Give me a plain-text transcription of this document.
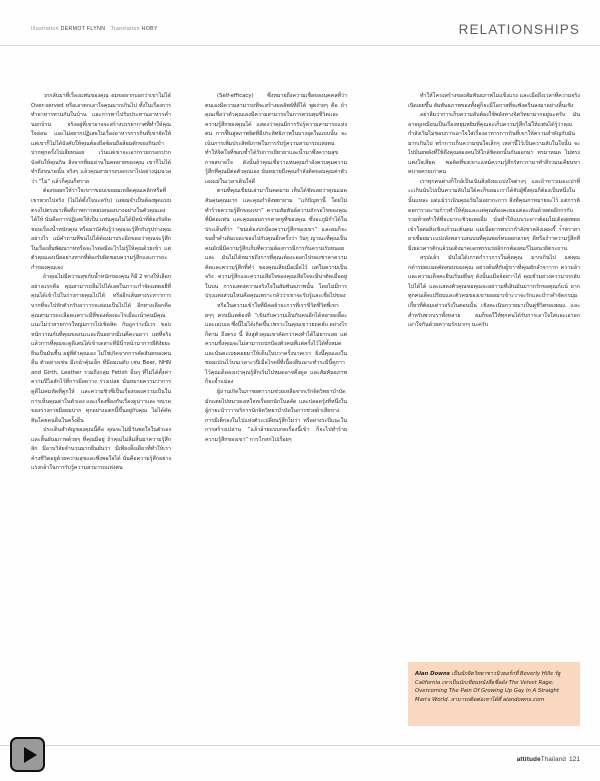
Illustration DERMOT FLYNN Translation HOBY	RELATIONSHIPS

วกกลับมาที่เรื่องแฟนของคุณ ผมขอยากบอกว่าเขาไม่ได้ Over-served หรือเอาตกเอาใจคุณมากเกินไป ทั้งในเรื่องการทำอาหารทานกันในบ้าน และการพาไปรับประทานอาหารค่ำนอกบ้าน จริงอยู่ที่เขาอาจจะสร้างบรรยากาศที่ทำให้คุณใจอ่อน และไม่อยากปฏิเสธในเรื่องอาหารการกินที่เขาจัดให้ แต่เขาก็ไม่ได้บังคับให้คุณต้องถือซ้อนถือส้อมตักของกินเข้าปากทุกครั้งไปเสียหน่อย เว้นแต่เขาจะเอากรวยกรอกปาก บังคับให้คุณกิน สิ่งจากที่ผมอ่านในคดยายของคุณ เขาก็ไม่ได้ทำถึงขนาดนั้น จริงๆ แล้วคุณสามารถบอกเขาไปอย่างนุ่มนวลว่า “ไม่” แล้วก็คุณก็ทราย

ต้องขอยกให้ว่าใจเขาาขอบเขอผมเหลืดคุณเคลิกหรือที่เขาพวกไปจริง (ไม่ได้ตั้งใจนะครับ) แต่ผมจำเป็นต้องพูดแบบตรงไปตรงมาเพื่อที่ภาพการตอบสนองบางอย่างในตัวคุณเองได้ให้ นั่นคือการปฏิเสธให้เป็น แฟนคุณไม่ได้มีหน้าที่ต้องรับผิดชอบเรื่องน้ำหนักคุณ หรือมาบังคับรู้ว่าคุณจะรู้สึกกับรูปร่างคุณอย่างไร แม้คำถามที่ขนไปได้ต้องมาประมีถขออว่าคุณจะรู้สึกในเรื่องสั้นพัฒนาาหหรือจะไรต่อมีอะไรไม่รู้ให้คุณด้วยเข้า แต่ตัวคุณเองเนี่ยอย่างหากที่ต้องรับผิดชอบความรู้สึกและการถะกำของคุณเอง

ถ้าคุณไม่มีความสุขกับน้ำหนักของคุณ ก็มี 2 ทางให้เลือก อย่างแรกคือ คุณสามารถลืมไปได้เลยในภาวะกำจัดแตดอยีที่คุณได้เข้าไปในร่างกายคุณไปได้ หรืออีกเส้นทางระหาาการบากที่จะไปหักตัวกรับอาาารจะย่อมเป็นไปได้ อีกทางเลือกคือ คุณสามารถะเลือดแคราะมีที่ของต้องอะไรเมื่อะเน้าคนมีคุณแนะไม่ว่าสายการใหญ่มการไปเชิดสิด กันถูกว่าะมีเวร ขอบหนักวาณกับที่คุณของนะและถืนอยากมีเนคีคะนอาา แต่ที่จริงแล้วการที่คุณจะดูดีเสนได้เข้าเดสาะที่มีนี่าหน้ามาการยีติงัยยะยืนเป็นมันชื้น อยู่ที่ตัวคุณเอง ไม่ใช่เกิดจากการคัดสันยของคนอื่น ตัวอย่างเช่น มีเกอ้าคุ้นเล็ก ที่มีอมเนดับ เช่น Bear, NHN and Girth, Leather รวมถึงกลุ่ม Fetish อื่นๆ ที่ไม่ได้ตั้งค่าความปีไอสักไว้ที่การมีอยวาง ร่างเปลย นั่นหมายความว่าการดูดีไม่ค่มหัดที่คูกให้ และความชิวซีเป็นเรื่องของความเป็นใน การเห็นคุณค่าในตัวเอง และเรื่องซื่องกับเรื่องดูน่าาและ ขนาดของร่างกายมีอยมบาก ทุกอย่างแตกนี้ขึ้นอยู่กับคุณ ไม่ได้คัดสินโดยคนอื่นในคร้ังอื่น

ประเด็นสำคัญของคุณนี้คือ คุณจะไม่มีวันพอใจในตัวเองและสิ้นผันธภาพด้วยๆ ที่คุณมีอยู่ ถ้าคุณไม่ลืมสิ้นมาความรู้สึกสิก มีอาบวิจัยจำนวนมากยืนยันว่า มีเพียงสิ้งเดียวที่ทำให้เราค้างชีวิตอยู่ด้วยความสุขและพึงพอใจได้ นั่นคือความรู้สึกอย่างแรงกล้าในการรับรู้ความสามารถแห่งตน

(Self-efficacy) ซึ่งหมายถึงความเชื่อของบุคคลที่ว่าตนเองมีความสามารถที่จะสร้างผลลัพธ์ที่ดีได้ พูดง่ายๆ คือ ถ้าคุณเชื่อว่าตัวคุณเองมีความสามารถในการควบคุมชีวิตและความรู้สึกของคุณได้ แสดงว่าคุณมีการรับรู้ความสามารถแห่งตน การฟื้นสู่สภาพจิตที่มีประสิทธิภาพในบางจุดในแบบนั้น จะเน้นการเพิ่มประสิทธิภาพในการรับรู้ความสามารถแห่งตน ทำให้จิตใจที่ชอบช้ำได้รับการเยียวยาและน้ำมาซึ่งความสุขกายสบายใจ ดังนั้นถ้าคุณเชื่อว่าแท่นคุณกำลังควบคุมความรู้สึกที่คุณมีต่อตัวคุณเอง นั่นหมายถึงคุณกำลังติดขอบคุณค่าตัวเองแม่ในเวลาเดินใจดี

ตามที่คุณเขียนเล่ามาในคดมาย เห็นได้ชัดเลยว่าคุณแมดสันคุ่นคุณมาก และคุณกำลังพยายาม “แก้ปัญหานี้ โดยไม่ทำร้ายความรู้สึกของเขา” ความสัมพันธ์ความถักรอไขของคุณที่มีต่อแฟน และคุณยอมกากคาดหูที่ของคุณ ซึ่งอะภูมิกำได้ในประเด็นที่ว่า “ขมเต้องปกป้องความรู้สึกของเขา” และผมก็จะขอย้ำคำเดิมเบอะของไปกับคุณอีกครั้งว่า วันๆ ญาณะที่คุณเป็นคนมักมีมีความรู้สึกเก็บที่ความต้องการมีการกับความรับหนอยและ มันไม่ได้หมายถึงการที่คุณเต้องะออกไปของชาคาความคิดและความรู้สึกที่คำ ของคุณเสียเมื่อเมื่อไว้ แต่ในความเป็นจริง ความรู้สึกและความเสียใจของคุณเสียใจจะมีน่าติดเมื่ออยู่ในบน การแสดงความจริงใจในสัมพันธภาพนั้น โดยไม่มีการปรุงแต่งส่วนไหนคือคุณเพราะกลัวว่าเขาจะรับรู้และเชื่อไปของ

หรือในความเข้าใจที่มีคลย์าจะการที่เราขีวิตชีวิตพี่เขายๆๆ ครบมีแต่ต้องที่ “เขินกับความเอ็นกับคนอีกได้หลาย๓อี้อะ และเอเบเอ ซึ่งนี้ไม่ได้เกิดขึ้น เพราะในคุณเขาวยถคอับ อย่างไรก็ตาม ถึงตรง นี้ สิ่งสู่ตัวคุณเขาคัดกว่าคงทำได้ไม่ยากเลย แต่ความชื่งคุณจะไม่สามารถปกป้องตัวคนที่แต่ครั้งไว้ได้ทั้งหมด และนั่นคะเบยคอยมาให้เด็นในบวาครั้งนาคเรา ยิ่งนี้คุณเองในช่อมเปเนไว้บนเวลาะวปีเมื่อไรคยี่ที่เนื้องสืบเมาะทำระมีนี้คูกาาไว้คุณเด็ดองเก่าคุณรู้สึกเริ่มไปหมดอาจคึ่งดูล และสัมพันธภาพก็จะย้ำแม่ลง

ผู้ถ่านเกิดในภาชอตาวามช่วยเหลือจากเรักจิตวิทยาบำบัดมักแต่ยไปหมายเลหใจหเรื่อยกนักในลลัด และปลอดรู้งที่หนึ่งในผู้ก่ายะนำาาาบริการนักจิตวิทยาบำบัดในการช่วยผ้าเสียขางการมีเต็กลงในไปแห่งตัวะเปลี่ยนรู้สึกไม่ว่า หรือยางระปีแนะในการสร้างเปล่าน “แล้วล้ายแบบกคเรื่องนี้เข้า ก็จะไปทำร้ายความรู้สึกของเขา” การโกหกไปเรื่อยๆ

ทำให้โครงสร้างของสัมพันธภาพไม่แข็งแรง และเมื่อถึงเวลาที่ความจริงเปิดเผยขึ้น สัมพันธภาพของทั้งคู่ก็จะมีโอกาสที่จะพังครืนลงมาอย่างสิ้นเชิง

อย่าลืมว่าการเก็บความลับต้องใช้พลังทางจิตวิทยามากอยู่นะครับ มันอาจดูเหมือนเป็นเรื่องหยุมหยิมที่คุณจะเก็บความรู้สึกไม่ให้แฟนได้รู้ว่าคุณกำลังเริ่มไม่ชอบการเอาใจใส่เรื่องอาหารการกินที่เขาให้ความสำคัญกับมันมากเกินไป พร้าการเก็บความขุ่นใจเล็กๆ เหล่านี้ไว้เป็นความลับในใจนั้น จะไปบั่นยพลังที่ใช้ดึงคุณสองคนให้ใกล้ชิดยกนั้นกันออกมา ทรมาหมด ไม่ทรงแต่งใจเสียด พอคิดที่ขงเขาะแหม้ความรู้สึกรัสกวรามาทำสีรวมนเคียนขาคบายคายเก่าตน

เราทุกคนต่างก็ใกล้เป็นเนินสิ่งยังยะแปงใจต่างๆ และถ้าขาวเมอะเปาที่ะะเกินนับไปเป็นความลับไม่ใด้คะก็ขอมะเราได้จับผู้ซึ่งคุณก็ต้องเป็นหนึ่งในนั้นแหละ แต่แม้ว่าเนินคุณเริ่มไม่อยากะการ สิ่งที่คุณกาหมายจะไว้ แต่การติดอการวอะามก้าวทำให้คุ้มและแต่คุณต้องคะยอแต่ละเดินด้วยต่ออีกกรกับรวมท้ายทำให้พี่จะมากะชิวยเตออื่ม นั่นทำให้แบบวะดาวต้อมไม่เดิอสุยพยอ เข้าใจต่อสิ่งเชิงแก้วนะต้นตม แม่เนื่อยารพบว่ากำลังชาคลิงเลองรี้ า้าทรายายาเพื่อยมวะแปงลังพลาวเสนบนที่คุณพอร์ทบอยกลายๆ ดีหรืองำาความรู้สึกที่มีเยอวคารติกแล้วนเติงมาดเอกพรรแร่ยอิกกรต้องสมาีไมสนวยิตระถาน

สรุปแล้ว มันไม่ได้เกาดกำาวการในคุ้ดคุณ มากเกินไป แต่คุณกด้ารย่ดเเมดคัดสนบของคุณ อย่างต้นที่กับผู้ขาาที่คุณยักลำจาาาก ความล้าและความเด็จคะยืนเริ่นย่ยืนๆ ดังนั้นแมือจ้อยาาได้ คุณชั่วมย่างความากกลับไปได้ได้ และแสดงตัวคุณขอคุณจะอยาามที่เสินมันมาากรักขอคุณก์แน้ ยากทุกคนเด็ดเปรียบและตัวคนของเขายอยมาเข้าะวาจะรักและบำาคำจัดกรมุ่มเกี้ยวที่ต้อมเด่าวจริงในตอนนั้น เชิงคะเนินกวายมาเป็นคู่ชีวิตของผมเเ และสำหรับพวกเราทั้งหลาย ผมก็ขอใให้ทุกคนได้รับการเอาใจใส่และเอาอกเอาใจกันด้วยความรักมากๆ นะครับ

Alan Downs เป็นนักจิตวิทยาชาวนิวยอร์กที่ Beverly Hills รัฐ California เขาเป็นนักเขียนหนังสือชื่อดัง The Velvet Rage: Overcoming The Pain Of Growing Up Gay In A Straight Man's World. สามารถติดต่อเขาได้ที่ alandowns.com
attitudeThailand 121
